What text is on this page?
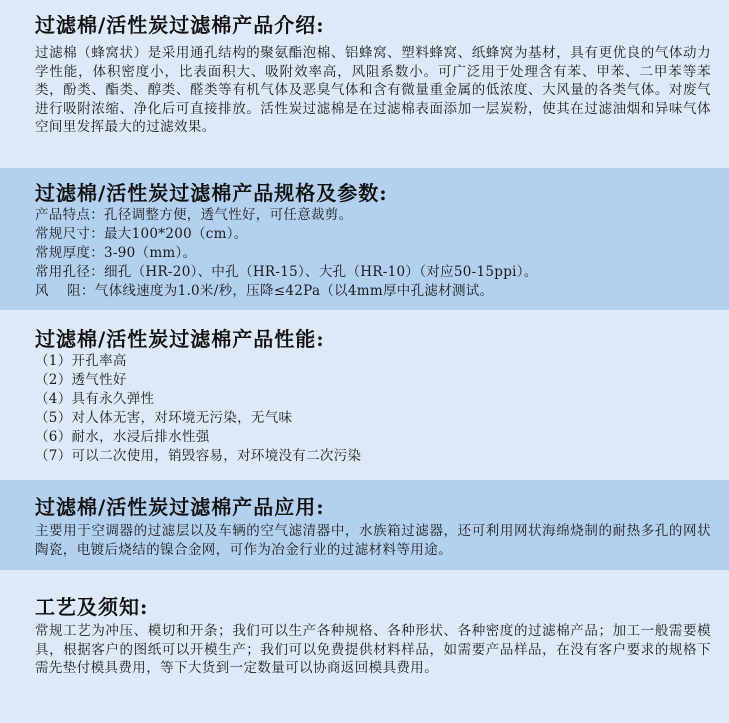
过滤棉/活性炭过滤棉产品介绍:

过滤棉（蜂窝状）是采用通孔结构的聚氨酯泡棉、铝蜂窝、塑料蜂窝、纸蜂窝为基材，具有更优良的气体动力学性能，体积密度小，比表面积大、吸附效率高，风阻系数小。可广泛用于处理含有苯、甲苯、二甲苯等苯类，酚类、酯类、醇类、醛类等有机气体及恶臭气体和含有微量重金属的低浓度、大风量的各类气体。对废气进行吸附浓缩、净化后可直接排放。活性炭过滤棉是在过滤棉表面添加一层炭粉，使其在过滤油烟和异味气体空间里发挥最大的过滤效果。

过滤棉/活性炭过滤棉产品规格及参数:

产品特点：孔径调整方便，透气性好，可任意裁剪。

常规尺寸：最大100*200（cm）。

常规厚度：3-90（mm）。

常用孔径：细孔（HR-20）、中孔（HR-15）、大孔（HR-10）（对应50-15ppi）。

风    阻：气体线速度为1.0米/秒，压降≤42Pa（以4mm厚中孔滤材测试。

过滤棉/活性炭过滤棉产品性能:

（1）开孔率高

（2）透气性好

（4）具有永久弹性

（5）对人体无害，对环境无污染，无气味

（6）耐水，水浸后排水性强

（7）可以二次使用，销毁容易，对环境没有二次污染

过滤棉/活性炭过滤棉产品应用:

主要用于空调器的过滤层以及车辆的空气滤清器中，水族箱过滤器，还可利用网状海绵烧制的耐热多孔的网状陶瓷，电镀后烧结的镍合金网，可作为冶金行业的过滤材料等用途。

工艺及须知:

常规工艺为冲压、模切和开条；我们可以生产各种规格、各种形状、各种密度的过滤棉产品；加工一般需要模具，根据客户的图纸可以开模生产；我们可以免费提供材料样品，如需要产品样品，在没有客户要求的规格下需先垫付模具费用，等下大货到一定数量可以协商返回模具费用。
